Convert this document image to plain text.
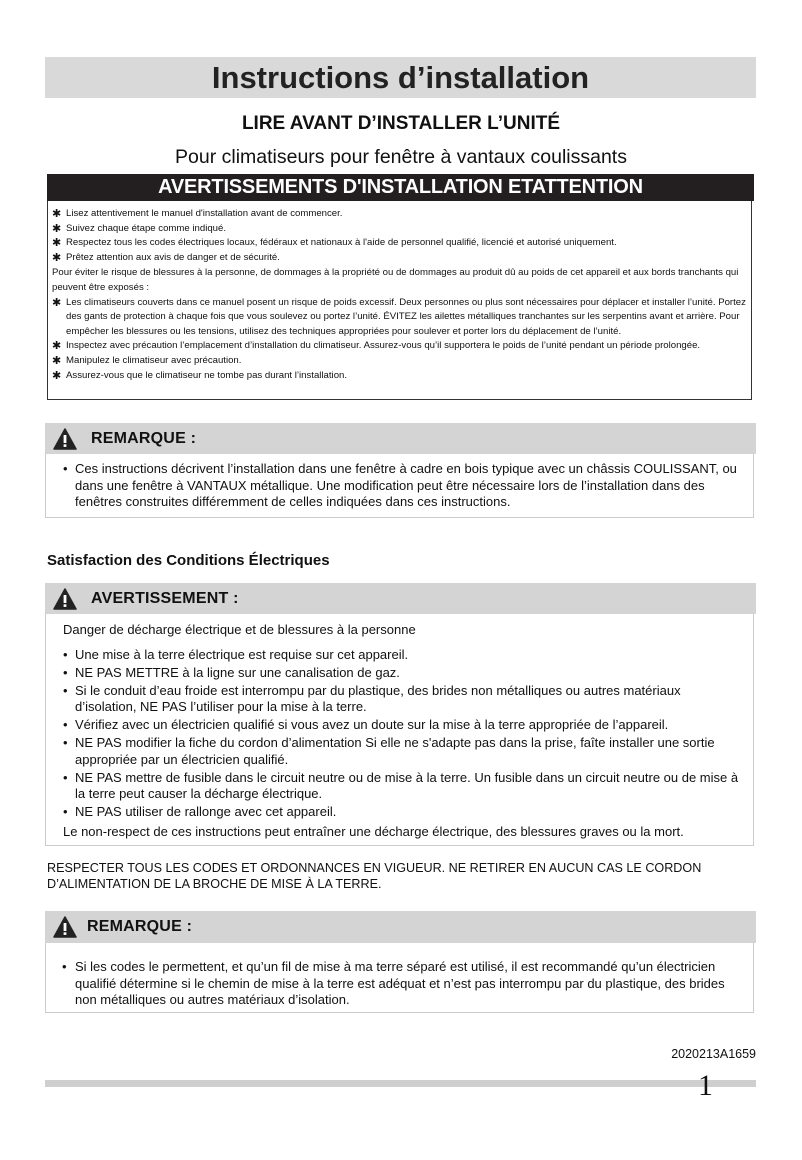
Instructions d’installation
LIRE AVANT D’INSTALLER L’UNITÉ
Pour climatiseurs pour fenêtre à vantaux coulissants
AVERTISSEMENTS D'INSTALLATION ETATTENTION
✱ Lisez attentivement le manuel d'installation avant de commencer.
✱ Suivez chaque étape comme indiqué.
✱ Respectez tous les codes électriques locaux, fédéraux et nationaux à l'aide de personnel qualifié, licencié et autorisé uniquement.
✱ Prêtez attention aux avis de danger et de sécurité.
Pour éviter le risque de blessures à la personne, de dommages à la propriété ou de dommages au produit dû au poids de cet appareil et aux bords tranchants qui peuvent être exposés :
✱ Les climatiseurs couverts dans ce manuel posent un risque de poids excessif. Deux personnes ou plus sont nécessaires pour déplacer et installer l’unité. Portez des gants de protection à chaque fois que vous soulevez ou portez l’unité. ÉVITEZ les ailettes métalliques tranchantes sur les serpentins avant et arrière. Pour empêcher les blessures ou les tensions, utilisez des techniques appropriées pour soulever et porter lors du déplacement de l’unité.
✱ Inspectez avec précaution l’emplacement d’installation du climatiseur. Assurez-vous qu’il supportera le poids de l’unité pendant un période prolongée.
✱ Manipulez le climatiseur avec précaution.
✱ Assurez-vous que le climatiseur ne tombe pas durant l’installation.
REMARQUE :
• Ces instructions décrivent l’installation dans une fenêtre à cadre en bois typique avec un châssis COULISSANT, ou dans une fenêtre à VANTAUX métallique. Une modification peut être nécessaire lors de l’installation dans des fenêtres construites différemment de celles indiquées dans ces instructions.
Satisfaction des Conditions Électriques
AVERTISSEMENT :
Danger de décharge électrique et de blessures à la personne
• Une mise à la terre électrique est requise sur cet appareil.
• NE PAS METTRE à la ligne sur une canalisation de gaz.
• Si le conduit d’eau froide est interrompu par du plastique, des brides non métalliques ou autres matériaux d’isolation, NE PAS l’utiliser pour la mise à la terre.
• Vérifiez avec un électricien qualifié si vous avez un doute sur la mise à la terre appropriée de l’appareil.
• NE PAS modifier la fiche du cordon d’alimentation Si elle ne s'adapte pas dans la prise, faîte installer une sortie appropriée par un électricien qualifié.
• NE PAS mettre de fusible dans le circuit neutre ou de mise à la terre. Un fusible dans un circuit neutre ou de mise à la terre peut causer la décharge électrique.
• NE PAS utiliser de rallonge avec cet appareil.
Le non-respect de ces instructions peut entraîner une décharge électrique, des blessures graves ou la mort.
RESPECTER TOUS LES CODES ET ORDONNANCES EN VIGUEUR. NE RETIRER EN AUCUN CAS LE CORDON D’ALIMENTATION DE LA BROCHE DE MISE À LA TERRE.
REMARQUE :
• Si les codes le permettent, et qu’un fil de mise à ma terre séparé est utilisé, il est recommandé qu’un électricien qualifié détermine si le chemin de mise à la terre est adéquat et n’est pas interrompu par du plastique, des brides non métalliques ou autres matériaux d’isolation.
2020213A1659
1
